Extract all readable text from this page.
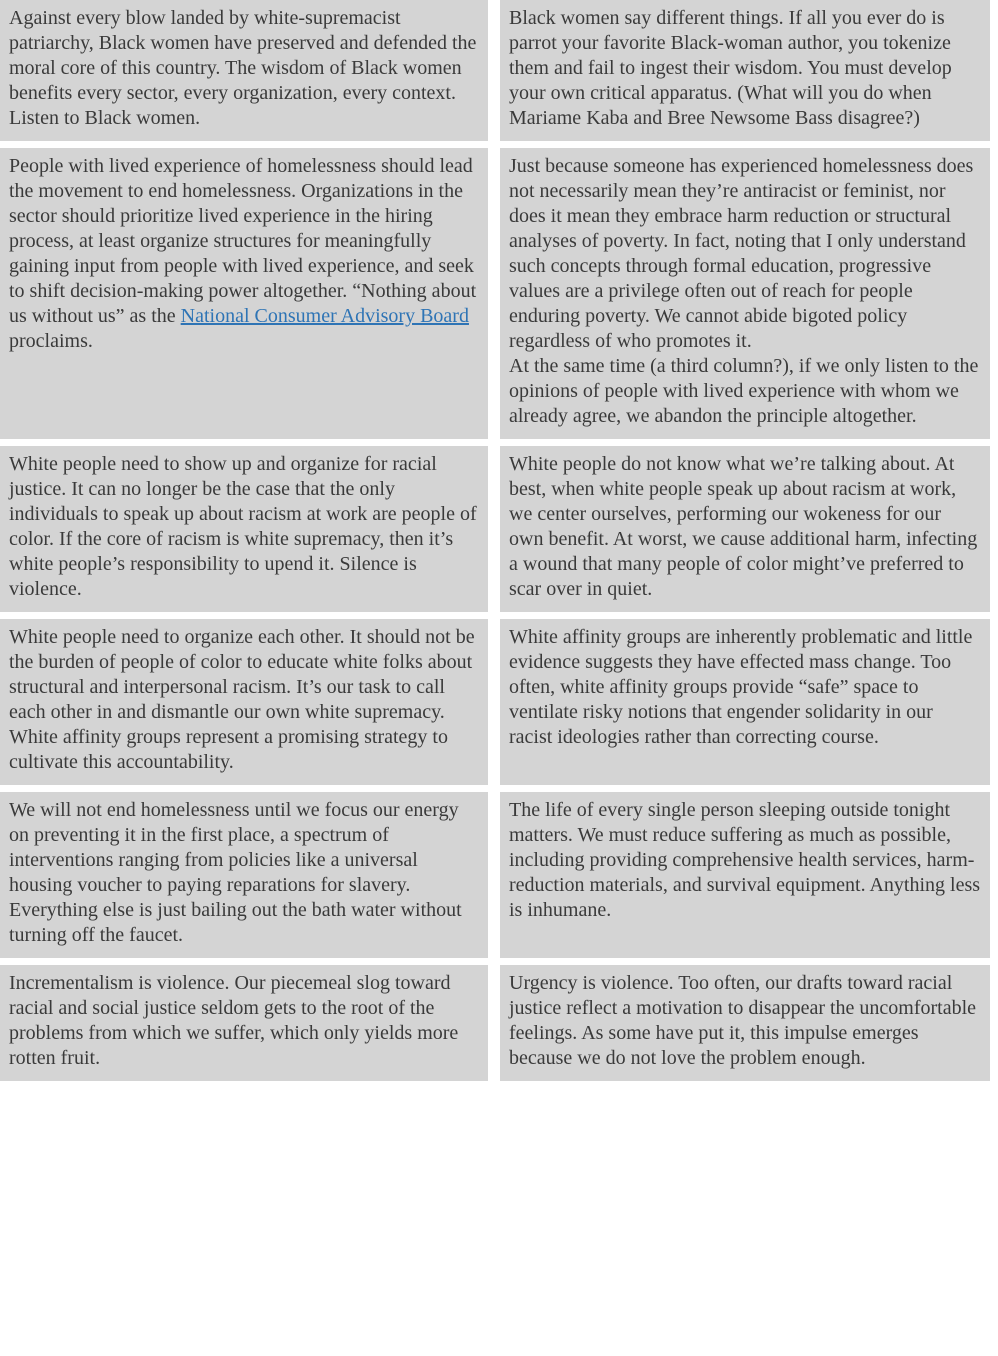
Against every blow landed by white-supremacist patriarchy, Black women have preserved and defended the moral core of this country. The wisdom of Black women benefits every sector, every organization, every context. Listen to Black women.
Black women say different things. If all you ever do is parrot your favorite Black-woman author, you tokenize them and fail to ingest their wisdom. You must develop your own critical apparatus. (What will you do when Mariame Kaba and Bree Newsome Bass disagree?)
People with lived experience of homelessness should lead the movement to end homelessness. Organizations in the sector should prioritize lived experience in the hiring process, at least organize structures for meaningfully gaining input from people with lived experience, and seek to shift decision-making power altogether. “Nothing about us without us” as the National Consumer Advisory Board proclaims.
Just because someone has experienced homelessness does not necessarily mean they’re antiracist or feminist, nor does it mean they embrace harm reduction or structural analyses of poverty. In fact, noting that I only understand such concepts through formal education, progressive values are a privilege often out of reach for people enduring poverty. We cannot abide bigoted policy regardless of who promotes it.
At the same time (a third column?), if we only listen to the opinions of people with lived experience with whom we already agree, we abandon the principle altogether.
White people need to show up and organize for racial justice. It can no longer be the case that the only individuals to speak up about racism at work are people of color. If the core of racism is white supremacy, then it’s white people’s responsibility to upend it. Silence is violence.
White people do not know what we’re talking about. At best, when white people speak up about racism at work, we center ourselves, performing our wokeness for our own benefit. At worst, we cause additional harm, infecting a wound that many people of color might’ve preferred to scar over in quiet.
White people need to organize each other. It should not be the burden of people of color to educate white folks about structural and interpersonal racism. It’s our task to call each other in and dismantle our own white supremacy. White affinity groups represent a promising strategy to cultivate this accountability.
White affinity groups are inherently problematic and little evidence suggests they have effected mass change. Too often, white affinity groups provide “safe” space to ventilate risky notions that engender solidarity in our racist ideologies rather than correcting course.
We will not end homelessness until we focus our energy on preventing it in the first place, a spectrum of interventions ranging from policies like a universal housing voucher to paying reparations for slavery. Everything else is just bailing out the bath water without turning off the faucet.
The life of every single person sleeping outside tonight matters. We must reduce suffering as much as possible, including providing comprehensive health services, harm-reduction materials, and survival equipment. Anything less is inhumane.
Incrementalism is violence. Our piecemeal slog toward racial and social justice seldom gets to the root of the problems from which we suffer, which only yields more rotten fruit.
Urgency is violence. Too often, our drafts toward racial justice reflect a motivation to disappear the uncomfortable feelings. As some have put it, this impulse emerges because we do not love the problem enough.
